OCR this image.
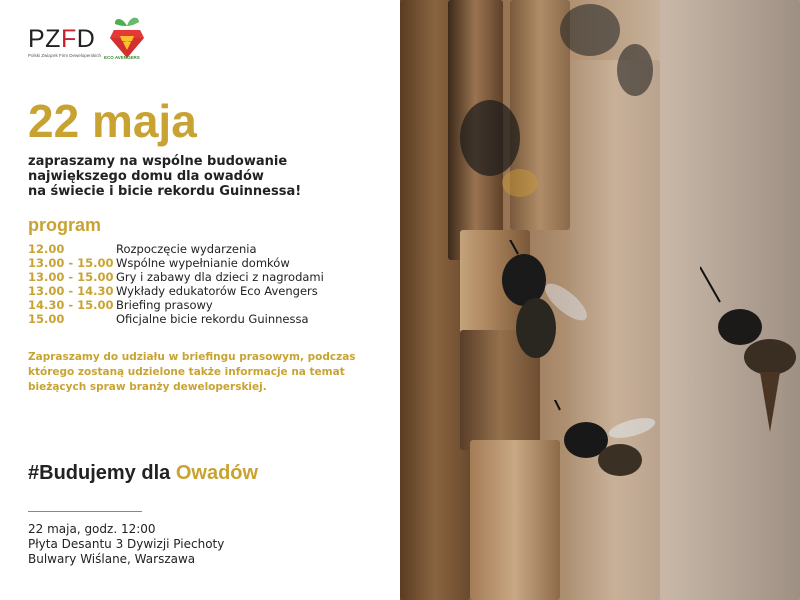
PZFD
Polski Związek Firm Deweloperskich ECO AVENGERS
22 maja
zapraszamy na wspólne budowanie
największego domu dla owadów
na świecie i bicie rekordu Guinnessa!
program
12.00	Rozpoczęcie wydarzenia
13.00 - 15.00 Wspólne wypełnianie domków
13.00 - 15.00 Gry i zabawy dla dzieci z nagrodami
13.00 - 14.30 Wykłady edukatorów Eco Avengers
14.30 - 15.00 Briefing prasowy
15.00	Oficjalne bicie rekordu Guinnessa
Zapraszamy do udziału w briefingu prasowym, podczas
którego zostaną udzielone także informacje na temat
bieżących spraw branży deweloperskiej.
#Budujemy dla Owadów
22 maja, godz. 12:00
Płyta Desantu 3 Dywizji Piechoty
Bulwary Wiślane, Warszawa
